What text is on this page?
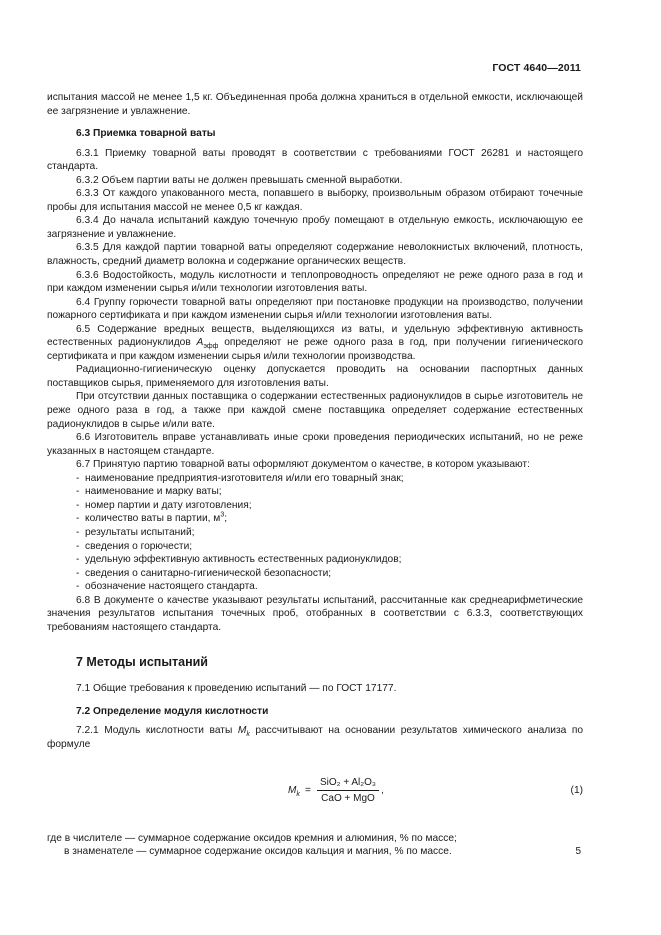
ГОСТ 4640—2011

испытания массой не менее 1,5 кг. Объединенная проба должна храниться в отдельной емкости, исключающей ее загрязнение и увлажнение.

6.3 Приемка товарной ваты

6.3.1 Приемку товарной ваты проводят в соответствии с требованиями ГОСТ 26281 и настоящего стандарта.

6.3.2 Объем партии ваты не должен превышать сменной выработки.

6.3.3 От каждого упакованного места, попавшего в выборку, произвольным образом отбирают точечные пробы для испытания массой не менее 0,5 кг каждая.

6.3.4 До начала испытаний каждую точечную пробу помещают в отдельную емкость, исключающую ее загрязнение и увлажнение.

6.3.5 Для каждой партии товарной ваты определяют содержание неволокнистых включений, плотность, влажность, средний диаметр волокна и содержание органических веществ.

6.3.6 Водостойкость, модуль кислотности и теплопроводность определяют не реже одного раза в год и при каждом изменении сырья и/или технологии изготовления ваты.

6.4 Группу горючести товарной ваты определяют при постановке продукции на производство, получении пожарного сертификата и при каждом изменении сырья и/или технологии изготовления ваты.

6.5 Содержание вредных веществ, выделяющихся из ваты, и удельную эффективную активность естественных радионуклидов $А_{эфф}$ определяют не реже одного раза в год, при получении гигиенического сертификата и при каждом изменении сырья и/или технологии производства.

Радиационно-гигиеническую оценку допускается проводить на основании паспортных данных поставщиков сырья, применяемого для изготовления ваты.

При отсутствии данных поставщика о содержании естественных радионуклидов в сырье изготовитель не реже одного раза в год, а также при каждой смене поставщика определяет содержание естественных радионуклидов в сырье и/или вате.

6.6 Изготовитель вправе устанавливать иные сроки проведения периодических испытаний, но не реже указанных в настоящем стандарте.

6.7 Принятую партию товарной ваты оформляют документом о качестве, в котором указывают:

- наименование предприятия-изготовителя и/или его товарный знак;
- наименование и марку ваты;
- номер партии и дату изготовления;
- количество ваты в партии, $м^3$;
- результаты испытаний;
- сведения о горючести;
- удельную эффективную активность естественных радионуклидов;
- сведения о санитарно-гигиенической безопасности;
- обозначение настоящего стандарта.

6.8 В документе о качестве указывают результаты испытаний, рассчитанные как среднеарифметические значения результатов испытания точечных проб, отобранных в соответствии с 6.3.3, соответствующих требованиям настоящего стандарта.

7 Методы испытаний

7.1 Общие требования к проведению испытаний — по ГОСТ 17177.

7.2 Определение модуля кислотности

7.2.1 Модуль кислотности ваты $М_k$ рассчитывают на основании результатов химического анализа по формуле

$M_k$ =
SiO₂ + Al₂O₃
CaO + MgO
,	(1)

где в числителе — суммарное содержание оксидов кремния и алюминия, % по массе;

в знаменателе — суммарное содержание оксидов кальция и магния, % по массе.	5
